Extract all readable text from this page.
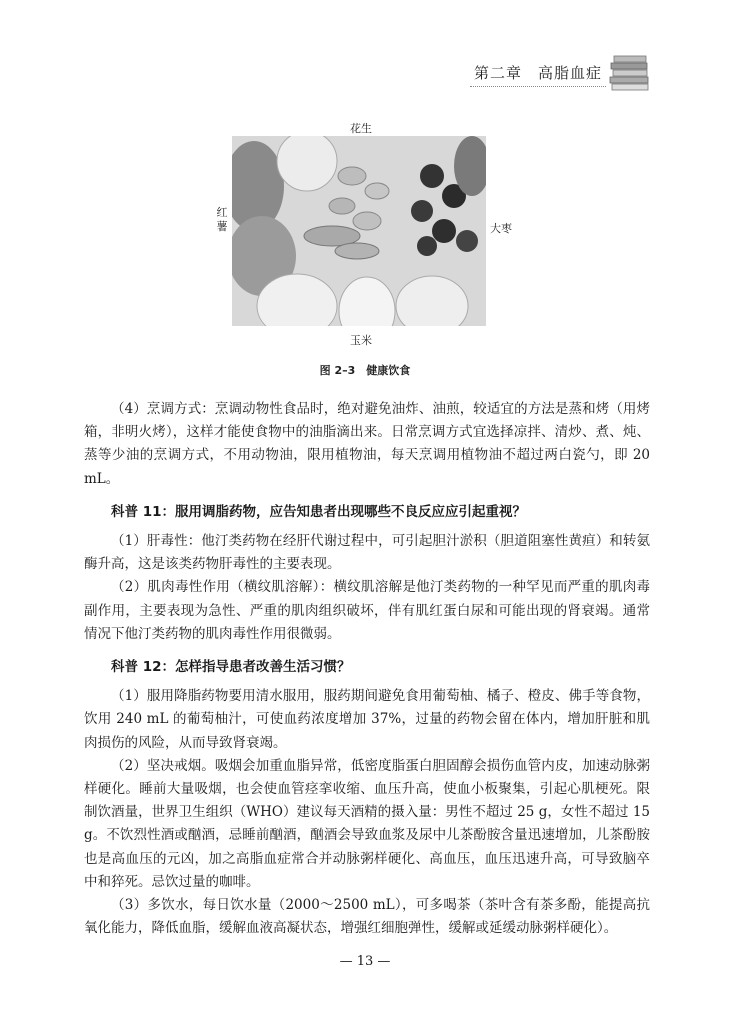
第二章　高脂血症
花生
红薯	大枣
玉米
图 2–3　健康饮食

（4）烹调方式：烹调动物性食品时，绝对避免油炸、油煎，较适宜的方法是蒸和烤（用烤箱，非明火烤），这样才能使食物中的油脂滴出来。日常烹调方式宜选择凉拌、清炒、煮、炖、蒸等少油的烹调方式，不用动物油，限用植物油，每天烹调用植物油不超过两白瓷勺，即 20 mL。

科普 11：服用调脂药物，应告知患者出现哪些不良反应应引起重视？

（1）肝毒性：他汀类药物在经肝代谢过程中，可引起胆汁淤积（胆道阻塞性黄疸）和转氨酶升高，这是该类药物肝毒性的主要表现。

（2）肌肉毒性作用（横纹肌溶解）：横纹肌溶解是他汀类药物的一种罕见而严重的肌肉毒副作用，主要表现为急性、严重的肌肉组织破坏，伴有肌红蛋白尿和可能出现的肾衰竭。通常情况下他汀类药物的肌肉毒性作用很微弱。

科普 12：怎样指导患者改善生活习惯？

（1）服用降脂药物要用清水服用，服药期间避免食用葡萄柚、橘子、橙皮、佛手等食物，饮用 240 mL 的葡萄柚汁，可使血药浓度增加 37%，过量的药物会留在体内，增加肝脏和肌肉损伤的风险，从而导致肾衰竭。

（2）坚决戒烟。吸烟会加重血脂异常，低密度脂蛋白胆固醇会损伤血管内皮，加速动脉粥样硬化。睡前大量吸烟，也会使血管痉挛收缩、血压升高，使血小板聚集，引起心肌梗死。限制饮酒量，世界卫生组织（WHO）建议每天酒精的摄入量：男性不超过 25 g，女性不超过 15 g。不饮烈性酒或酗酒，忌睡前酗酒，酗酒会导致血浆及尿中儿茶酚胺含量迅速增加，儿茶酚胺也是高血压的元凶，加之高脂血症常合并动脉粥样硬化、高血压，血压迅速升高，可导致脑卒中和猝死。忌饮过量的咖啡。

（3）多饮水，每日饮水量（2000～2500 mL），可多喝茶（茶叶含有茶多酚，能提高抗氧化能力，降低血脂，缓解血液高凝状态，增强红细胞弹性，缓解或延缓动脉粥样硬化）。

— 13 —
